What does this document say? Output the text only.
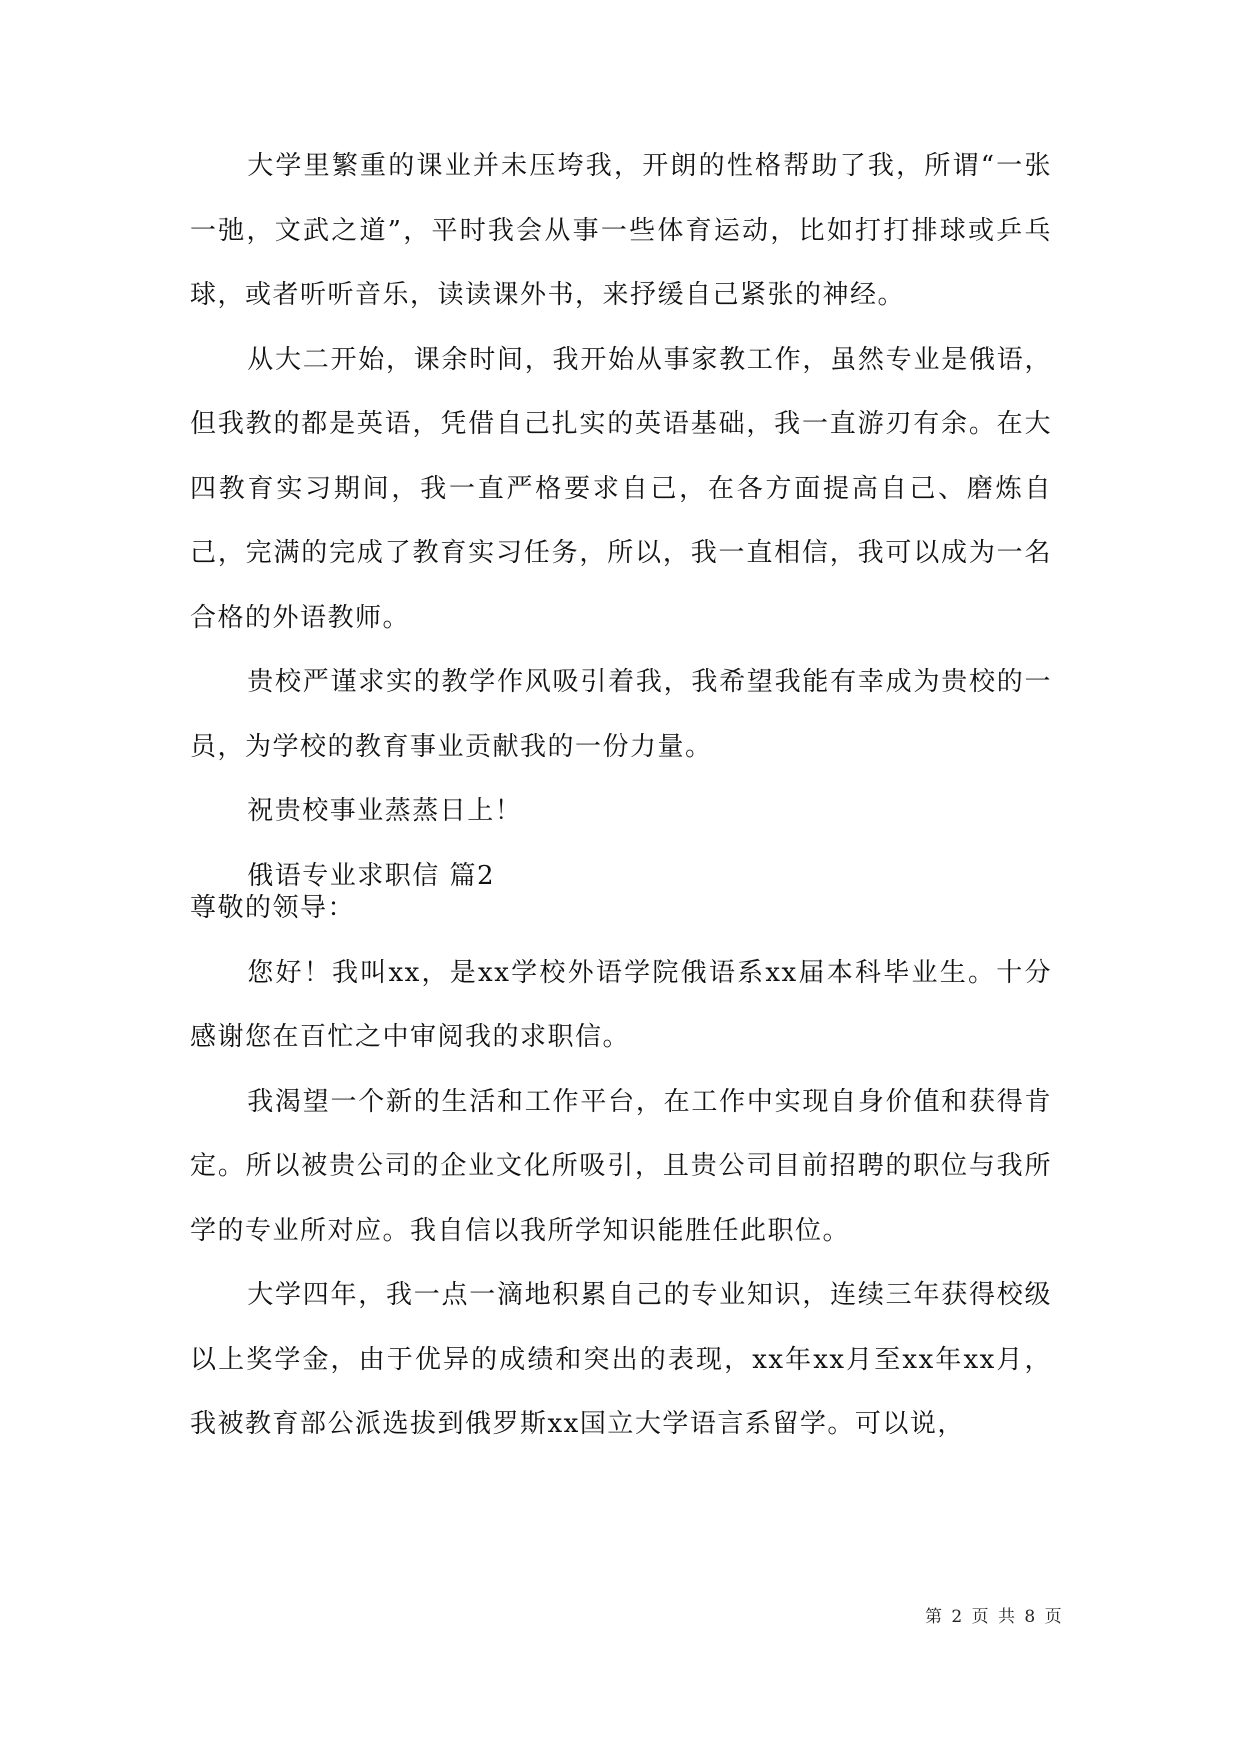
大学里繁重的课业并未压垮我，开朗的性格帮助了我，所谓“一张一弛，文武之道”，平时我会从事一些体育运动，比如打打排球或乒乓球，或者听听音乐，读读课外书，来抒缓自己紧张的神经。

从大二开始，课余时间，我开始从事家教工作，虽然专业是俄语，但我教的都是英语，凭借自己扎实的英语基础，我一直游刃有余。在大四教育实习期间，我一直严格要求自己，在各方面提高自己、磨炼自己，完满的完成了教育实习任务，所以，我一直相信，我可以成为一名合格的外语教师。

贵校严谨求实的教学作风吸引着我，我希望我能有幸成为贵校的一员，为学校的教育事业贡献我的一份力量。

祝贵校事业蒸蒸日上！

俄语专业求职信 篇2

尊敬的领导：

您好！我叫xx，是xx学校外语学院俄语系xx届本科毕业生。十分感谢您在百忙之中审阅我的求职信。

我渴望一个新的生活和工作平台，在工作中实现自身价值和获得肯定。所以被贵公司的企业文化所吸引，且贵公司目前招聘的职位与我所学的专业所对应。我自信以我所学知识能胜任此职位。

大学四年，我一点一滴地积累自己的专业知识，连续三年获得校级以上奖学金，由于优异的成绩和突出的表现，xx年xx月至xx年xx月，我被教育部公派选拔到俄罗斯xx国立大学语言系留学。可以说，

第 2 页 共 8 页
